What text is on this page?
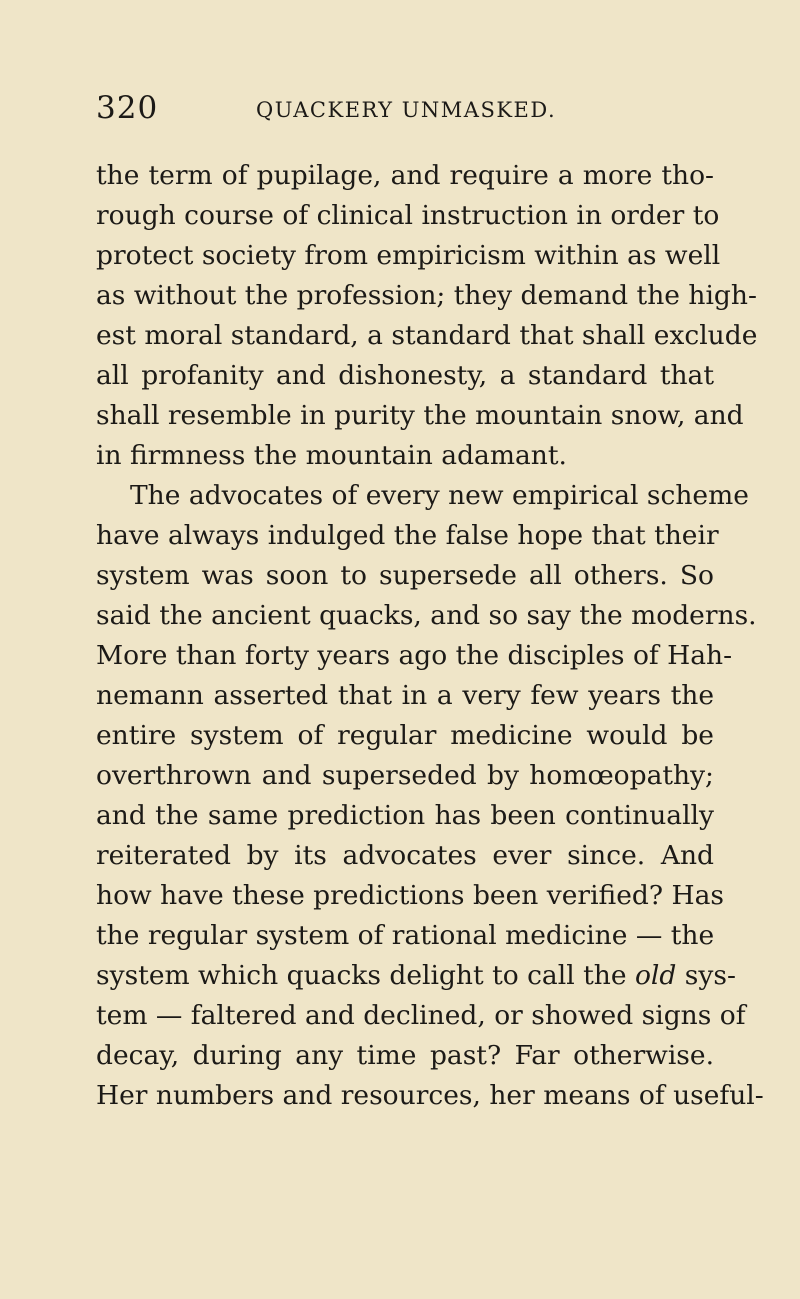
320	QUACKERY UNMASKED.
the term of pupilage, and require a more tho-
rough course of clinical instruction in order to
protect society from empiricism within as well
as without the profession; they demand the high-
est moral standard, a standard that shall exclude
all profanity and dishonesty, a standard that
shall resemble in purity the mountain snow, and
in firmness the mountain adamant.
The advocates of every new empirical scheme
have always indulged the false hope that their
system was soon to supersede all others. So
said the ancient quacks, and so say the moderns.
More than forty years ago the disciples of Hah-
nemann asserted that in a very few years the
entire system of regular medicine would be
overthrown and superseded by homœopathy;
and the same prediction has been continually
reiterated by its advocates ever since. And
how have these predictions been verified? Has
the regular system of rational medicine — the
system which quacks delight to call the old sys-
tem — faltered and declined, or showed signs of
decay, during any time past? Far otherwise.
Her numbers and resources, her means of useful-
